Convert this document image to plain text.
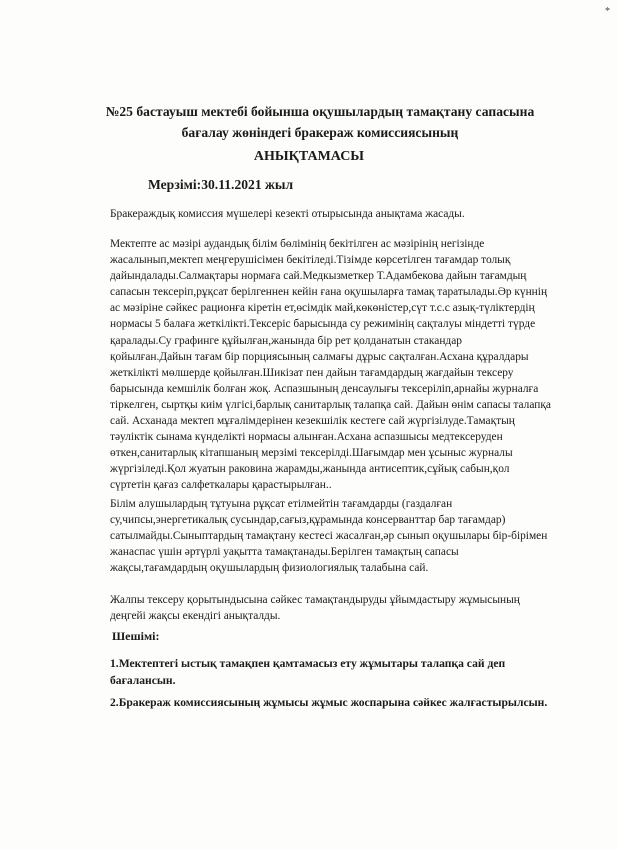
*
№25 бастауыш мектебі бойынша оқушылардың тамақтану сапасына
бағалау жөніндегі бракераж комиссиясының
АНЫҚТАМАСЫ
Мерзімі:30.11.2021 жыл
Бракераждық комиссия мүшелері кезекті отырысында анықтама жасады.
Мектепте ас мәзірі аудандық білім бөлімінің бекітілген ас мәзірінің негізінде
жасалынып,мектеп меңгерушісімен бекітіледі.Тізімде көрсетілген тағамдар толық
дайындалады.Салмақтары нормаға сай.Медкызметкер Т.Адамбекова дайын тағамдың
сапасын тексеріп,рұқсат берілгеннен кейін ғана оқушыларға тамақ таратылады.Әр күннің
ас мәзіріне сәйкес рационға кіретін ет,өсімдік май,көкөністер,сүт т.с.с азық-түліктердің
нормасы 5 балаға жеткілікті.Тексеріс барысында су режимінің сақталуы міндетті түрде
қаралады.Су графинге құйылған,жанында бір рет қолданатын стакандар
қойылған.Дайын тағам бір порциясының салмағы дұрыс сақталған.Асхана құралдары
жеткілікті мөлшерде қойылған.Шикізат пен дайын тағамдардың жағдайын тексеру
барысында кемшілік болған жоқ. Аспазшының денсаулығы тексеріліп,арнайы журналға
тіркелген, сыртқы киім үлгісі,барлық санитарлық талапқа сай. Дайын өнім сапасы талапқа
сай. Асханада мектеп мұғалімдерінен кезекшілік кестеге сай жүргізілуде.Тамақтың
тәуліктік сынама күнделікті нормасы алынған.Асхана аспазшысы медтексеруден
өткен,санитарлық кітапшаның мерзімі тексерілді.Шағымдар мен ұсыныс журналы
жүргізіледі.Қол жуатын раковина жарамды,жанында антисептик,сұйық сабын,қол
сүртетін қағаз салфеткалары қарастырылған..
Білім алушылардың тұтуына рұқсат етілмейтін тағамдарды (газдалған
су,чипсы,энергетикалық сусындар,сағыз,құрамында консерванттар бар тағамдар)
сатылмайды.Сыныптардың тамақтану кестесі жасалған,әр сынып оқушылары бір-бірімен
жанаспас үшін әртүрлі уақытта тамақтанады.Берілген тамақтың сапасы
жақсы,тағамдардың оқушылардың физиологиялық талабына сай.
Жалпы тексеру қорытындысына сәйкес тамақтандыруды ұйымдастыру жұмысының
деңгейі жақсы екендігі анықталды.
Шешімі:
1.Мектептегі ыстық тамақпен қамтамасыз ету жұмытары талапқа сай деп
бағалансын.
2.Бракераж комиссиясының жұмысы жұмыс жоспарына сәйкес жалғастырылсын.
